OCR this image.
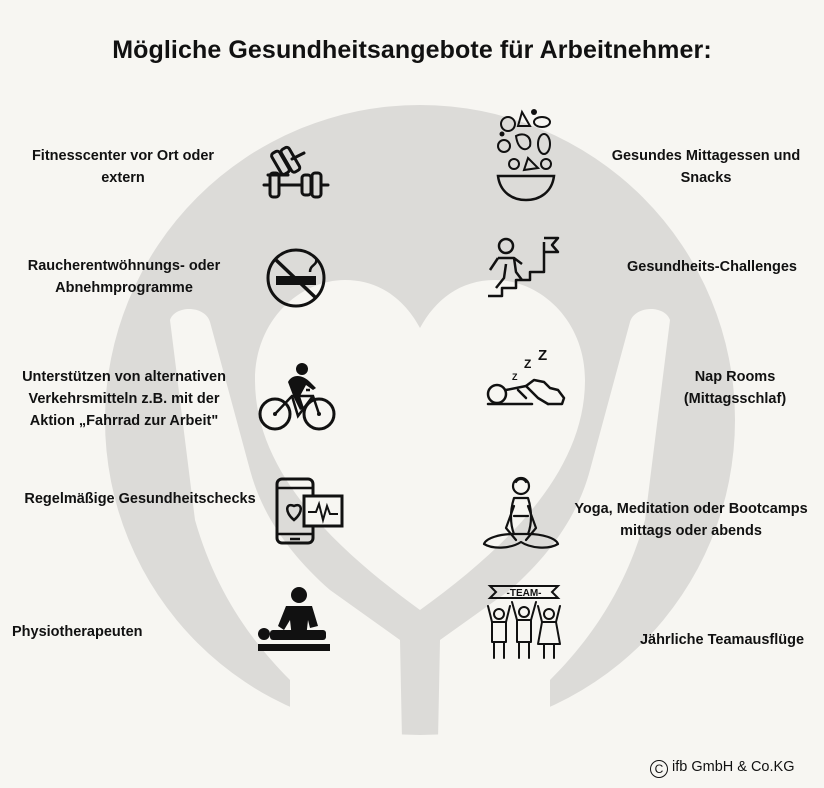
Mögliche Gesundheitsangebote für Arbeitnehmer:
Fitnesscenter vor Ort oder
extern
Raucherentwöhnungs- oder
Abnehmprogramme
Unterstützen von alternativen
Verkehrsmitteln z.B. mit der
Aktion „Fahrrad zur Arbeit"
Regelmäßige Gesundheitschecks
Physiotherapeuten
Gesundes Mittagessen und
Snacks
Gesundheits-Challenges
Z
Z
Z	Nap Rooms
(Mittagsschlaf)
Yoga, Meditation oder Bootcamps
mittags oder abends
-TEAM-
Jährliche Teamausflüge
C ifb GmbH & Co.KG
